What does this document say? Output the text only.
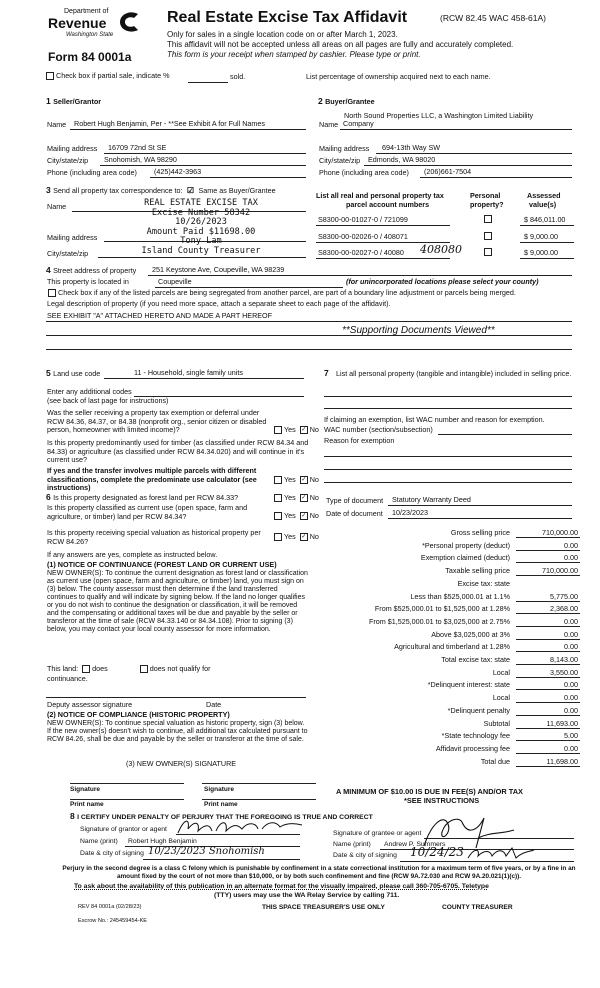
Department of
Revenue
Washington State
Form 84 0001a
Real Estate Excise Tax Affidavit	(RCW 82.45 WAC 458-61A)
Only for sales in a single location code on or after March 1, 2023.
This affidavit will not be accepted unless all areas on all pages are fully and accurately completed.
This form is your receipt when stamped by cashier. Please type or print.
Check box if partial sale, indicate %	sold.	List percentage of ownership acquired next to each name.
1 Seller/Grantor
Name Robert Hugh Benjamin, Per - **See Exhibit A for Full Names
Mailing address 16709 72nd St SE
City/state/zip Snohomish, WA 98290
Phone (including area code) (425)442-3963
2 Buyer/Grantee
North Sound Properties LLC, a Washington Limited Liability
Name Company
Mailing address 694-13th Way SW
City/state/zip Edmonds, WA 98020
Phone (including area code) (206)661-7504
3 Send all property tax correspondence to: ☑ Same as Buyer/Grantee
Name
Mailing address
City/state/zip
REAL ESTATE EXCISE TAX
Excise Number 58342
10/26/2023
Amount Paid $11698.00
Tony Lam
Island County Treasurer
List all real and personal property tax
parcel account numbers
Personal
property?
Assessed
value(s)
S8300-00-01027-0 / 721099	$ 846,011.00
S8300-00-02026-0 / 408071	$ 9,000.00
S8300-00-02027-0 / 40080 408080	$ 9,000.00
4 Street address of property 251 Keystone Ave, Coupeville, WA 98239
This property is located in	Coupeville	(for unincorporated locations please select your county)
Check box if any of the listed parcels are being segregated from another parcel, are part of a boundary line adjustment or parcels being merged.
Legal description of property (if you need more space, attach a separate sheet to each page of the affidavit).
SEE EXHIBIT "A" ATTACHED HERETO AND MADE A PART HEREOF
**Supporting Documents Viewed**
5 Land use code	11 - Household, single family units
Enter any additional codes
(see back of last page for instructions)
Was the seller receiving a property tax exemption or deferral under RCW 84.36, 84.37, or 84.38 (nonprofit org., senior citizen or disabled person, homeowner with limited income)?	Yes ✓ No
Is this property predominantly used for timber (as classified under RCW 84.34 and 84.33) or agriculture (as classified under RCW 84.34.020) and will continue in it's current use?
If yes and the transfer involves multiple parcels with different classifications, complete the predominate use calculator (see instructions)
Yes ✓ No
7 List all personal property (tangible and intangible) included in selling price.
If claiming an exemption, list WAC number and reason for exemption.
WAC number (section/subsection)
Reason for exemption
6 Is this property designated as forest land per RCW 84.33?	Yes ✓ No
Is this property classified as current use (open space, farm and agriculture, or timber) land per RCW 84.34?	Yes ✓ No
Is this property receiving special valuation as historical property per RCW 84.26?
Yes ✓ No
If any answers are yes, complete as instructed below.
(1) NOTICE OF CONTINUANCE (FOREST LAND OR CURRENT USE)
NEW OWNER(S): To continue the current designation as forest land or classification as current use (open space, farm and agriculture, or timber) land, you must sign on (3) below. The county assessor must then determine if the land transferred continues to qualify and will indicate by signing below. If the land no longer qualifies or you do not wish to continue the designation or classification, it will be removed and the compensating or additional taxes will be due and payable by the seller or transferor at the time of sale (RCW 84.33.140 or 84.34.108). Prior to signing (3) below, you may contact your local county assessor for more information.
This land: does	does not qualify for
continuance.
Deputy assessor signature	Date
(2) NOTICE OF COMPLIANCE (HISTORIC PROPERTY)
NEW OWNER(S): To continue special valuation as historic property, sign (3) below. If the new owner(s) doesn't wish to continue, all additional tax calculated pursuant to RCW 84.26, shall be due and payable by the seller or transferor at the time of sale.
(3) NEW OWNER(S) SIGNATURE
Signature	Signature
Print name	Print name
Type of document Statutory Warranty Deed
Date of document 10/23/2023
Gross selling price	710,000.00
*Personal property (deduct)	0.00
Exemption claimed (deduct)	0.00
Taxable selling price	710,000.00
Excise tax: state
Less than $525,000.01 at 1.1%	5,775.00
From $525,000.01 to $1,525,000 at 1.28%	2,368.00
From $1,525,000.01 to $3,025,000 at 2.75%	0.00
Above $3,025,000 at 3%	0.00
Agricultural and timberland at 1.28%	0.00
Total excise tax: state	8,143.00
Local	3,550.00
*Delinquent interest: state	0.00
Local	0.00
*Delinquent penalty	0.00
Subtotal	11,693.00
*State technology fee	5.00
Affidavit processing fee	0.00
Total due	11,698.00
A MINIMUM OF $10.00 IS DUE IN FEE(S) AND/OR TAX
*SEE INSTRUCTIONS
8 I CERTIFY UNDER PENALTY OF PERJURY THAT THE FOREGOING IS TRUE AND CORRECT
Signature of grantor or agent
Name (print) Robert Hugh Benjamin
Date & city of signing 10/23/2023 Snohomish
Signature of grantee or agent
Name (print) Andrew P. Summers
Date & city of signing 10/24/23
Perjury in the second degree is a class C felony which is punishable by confinement in a state correctional institution for a maximum term of five years, or by a fine in an amount fixed by the court of not more than $10,000, or by both such confinement and fine (RCW 9A.72.030 and RCW 9A.20.021(1)(c)).
To ask about the availability of this publication in an alternate format for the visually impaired, please call 360-705-6705. Teletype
(TTY) users may use the WA Relay Service by calling 711.
REV 84 0001a (02/28/23)	THIS SPACE TREASURER'S USE ONLY	COUNTY TREASURER
Escrow No.: 245459454-KE
